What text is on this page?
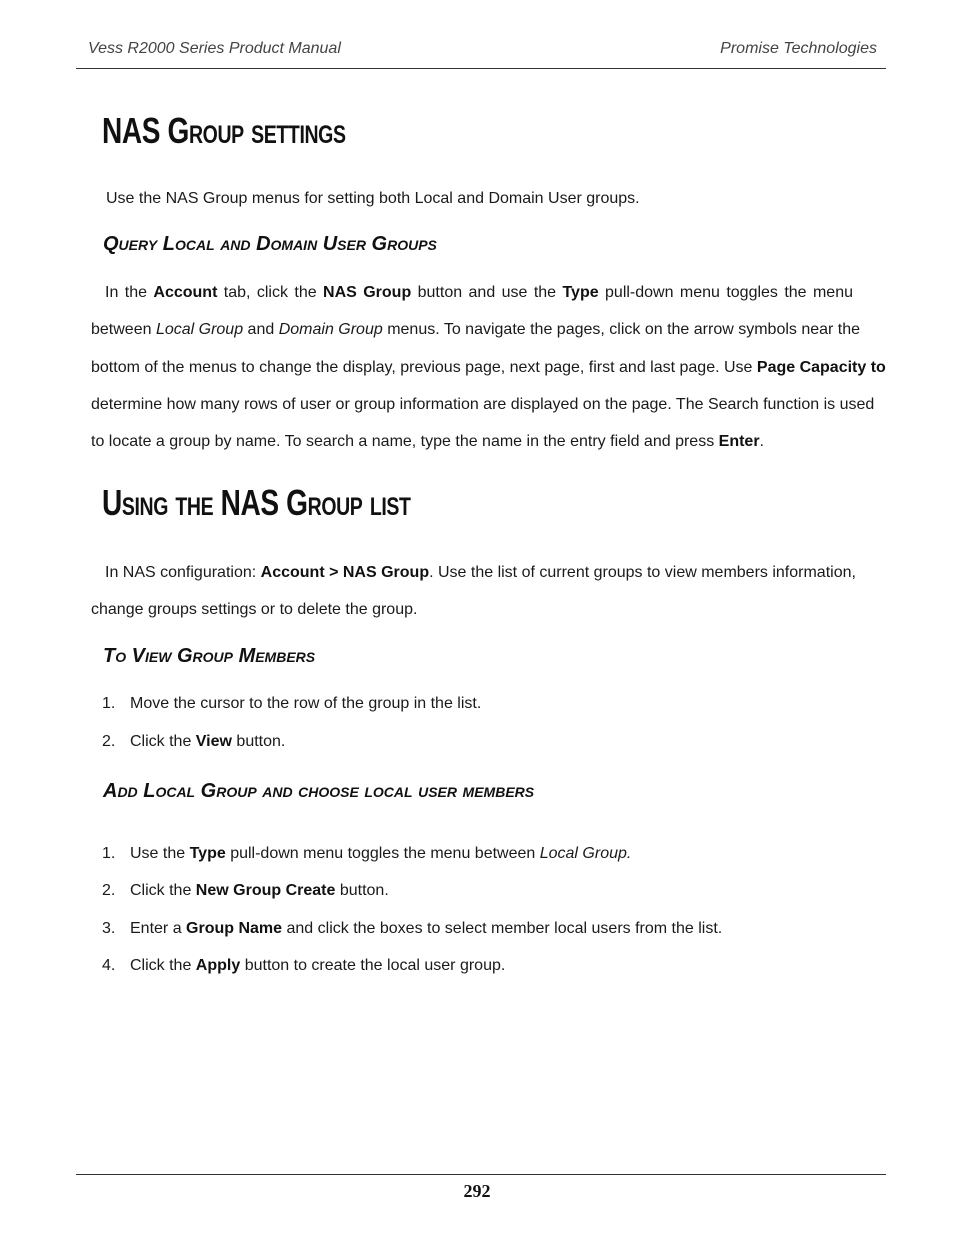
Vess R2000 Series Product Manual	Promise Technologies
NAS Group settings
Use the NAS Group menus for setting both Local and Domain User groups.
Query Local and Domain User Groups
In the Account tab, click the NAS Group button and use the Type pull-down menu toggles the menu
between Local Group and Domain Group menus. To navigate the pages, click on the arrow symbols near the
bottom of the menus to change the display, previous page, next page, first and last page. Use Page Capacity to
determine how many rows of user or group information are displayed on the page. The Search function is used
to locate a group by name. To search a name, type the name in the entry field and press Enter.
Using the NAS Group list
In NAS configuration: Account > NAS Group. Use the list of current groups to view members information,
change groups settings or to delete the group.
To View Group Members
1. Move the cursor to the row of the group in the list.
2. Click the View button.
Add Local Group and choose local user members
1. Use the Type pull-down menu toggles the menu between Local Group.
2. Click the New Group Create button.
3. Enter a Group Name and click the boxes to select member local users from the list.
4. Click the Apply button to create the local user group.
292
